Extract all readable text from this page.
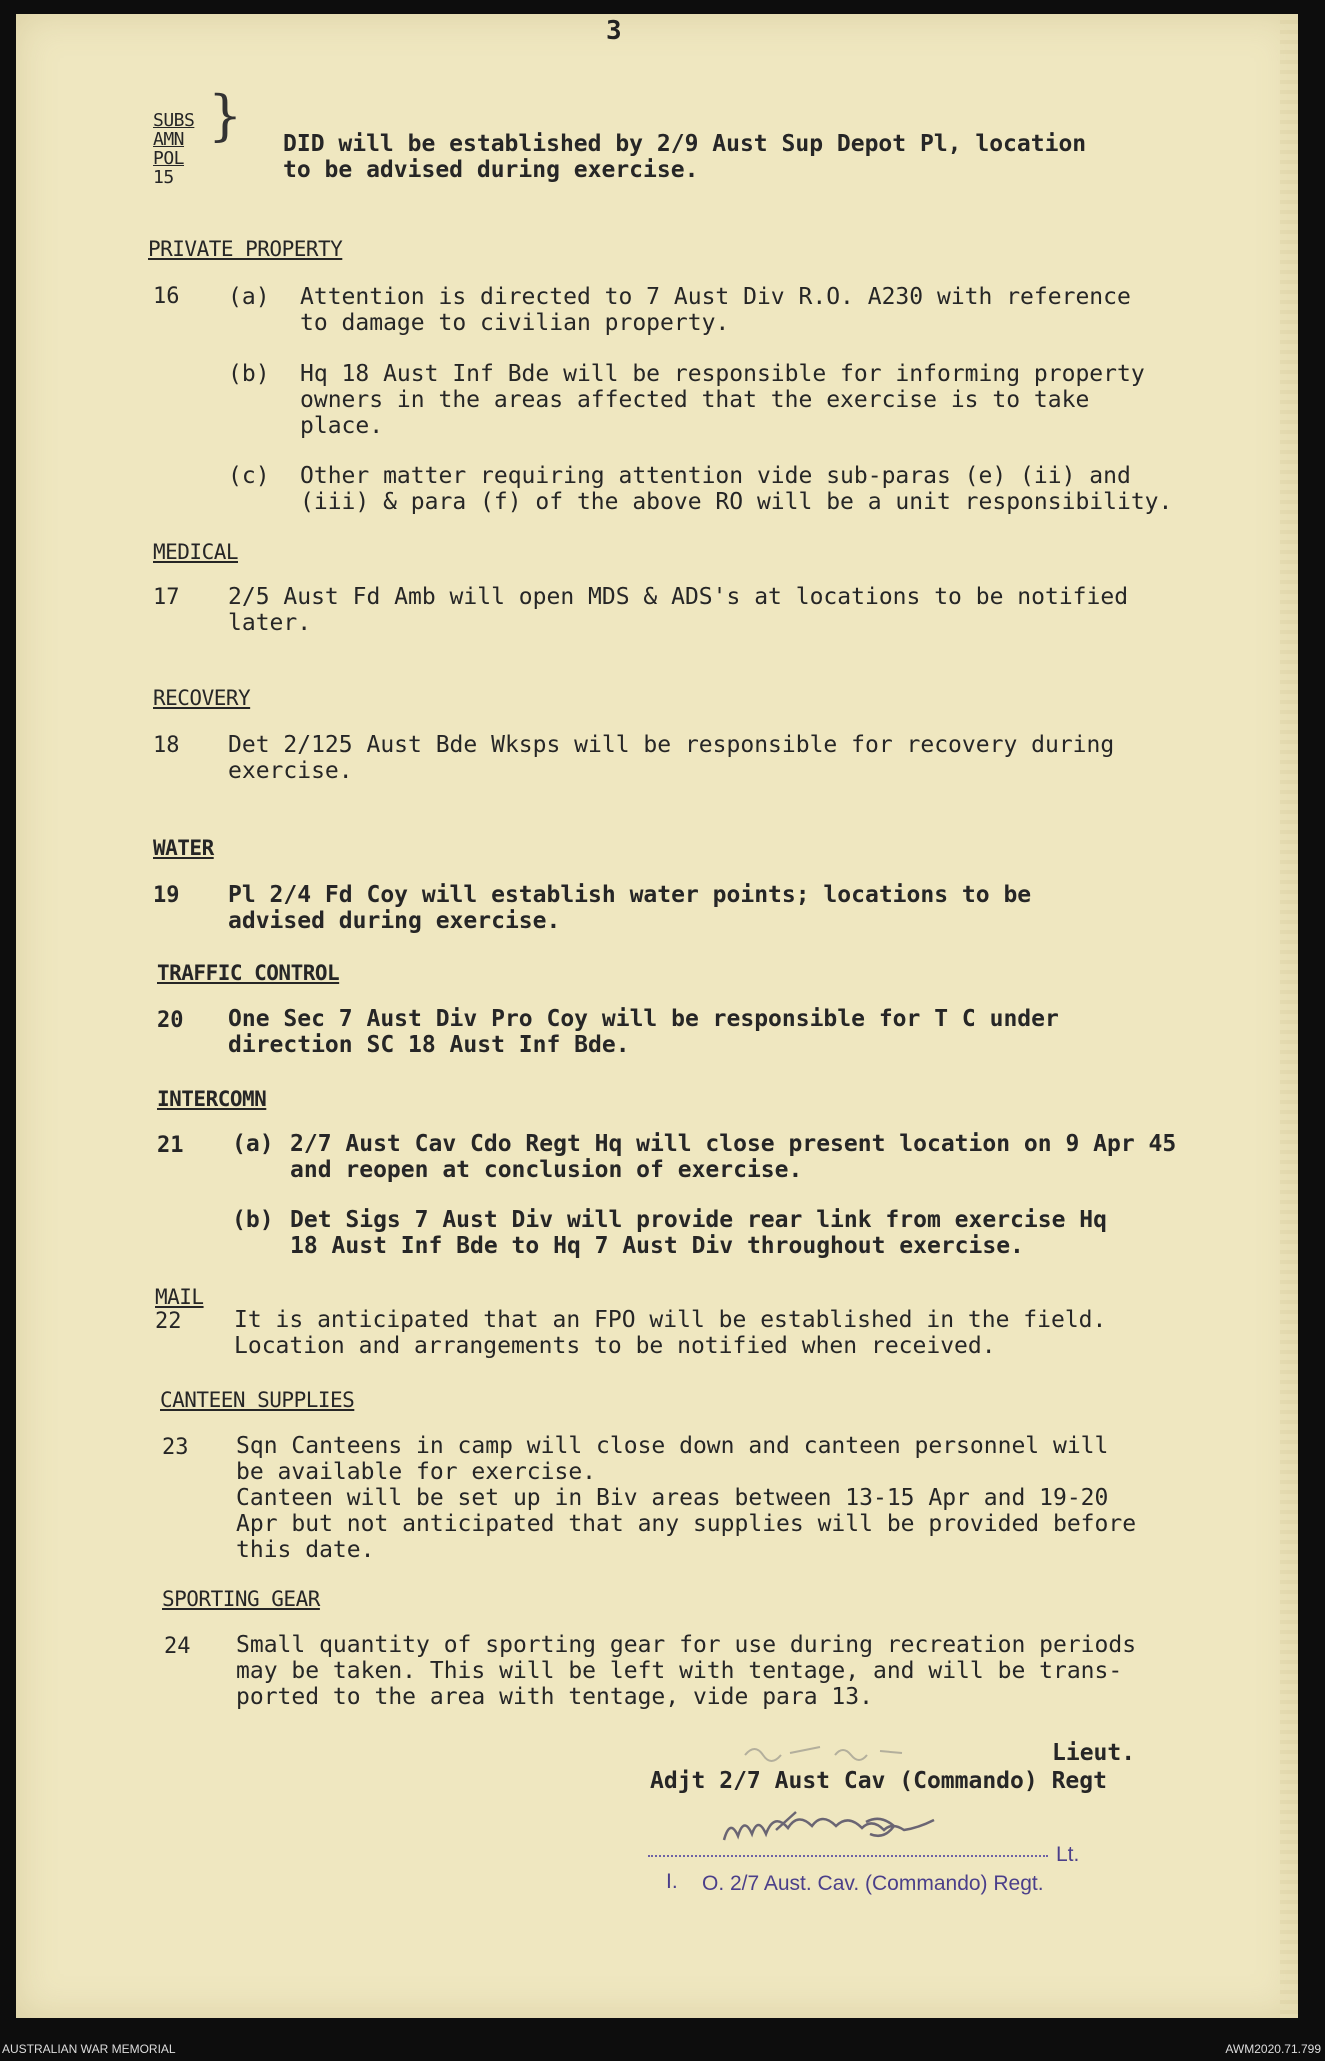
3
SUBS
AMN
POL
15
} DID will be established by 2/9 Aust Sup Depot Pl, location
to be advised during exercise.
PRIVATE PROPERTY
16 (a) Attention is directed to 7 Aust Div R.O. A230 with reference
to damage to civilian property.
(b) Hq 18 Aust Inf Bde will be responsible for informing property
owners in the areas affected that the exercise is to take
place.
(c) Other matter requiring attention vide sub-paras (e) (ii) and
(iii) & para (f) of the above RO will be a unit responsibility.
MEDICAL
17 2/5 Aust Fd Amb will open MDS & ADS's at locations to be notified
later.
RECOVERY
18 Det 2/125 Aust Bde Wksps will be responsible for recovery during
exercise.
WATER
19 Pl 2/4 Fd Coy will establish water points; locations to be
advised during exercise.
TRAFFIC CONTROL
20 One Sec 7 Aust Div Pro Coy will be responsible for T C under
direction SC 18 Aust Inf Bde.
INTERCOMN
21 (a) 2/7 Aust Cav Cdo Regt Hq will close present location on 9 Apr 45
and reopen at conclusion of exercise.
(b) Det Sigs 7 Aust Div will provide rear link from exercise Hq
18 Aust Inf Bde to Hq 7 Aust Div throughout exercise.
MAIL
22 It is anticipated that an FPO will be established in the field.
Location and arrangements to be notified when received.
CANTEEN SUPPLIES
23 Sqn Canteens in camp will close down and canteen personnel will
be available for exercise.
Canteen will be set up in Biv areas between 13-15 Apr and 19-20
Apr but not anticipated that any supplies will be provided before
this date.
SPORTING GEAR
24 Small quantity of sporting gear for use during recreation periods
may be taken. This will be left with tentage, and will be trans-
ported to the area with tentage, vide para 13.
Lieut.
Adjt 2/7 Aust Cav (Commando) Regt
I. O. 2/7 Aust. Cav. (Commando) Regt.
Lt.
AUSTRALIAN WAR MEMORIAL	AWM2020.71.799
